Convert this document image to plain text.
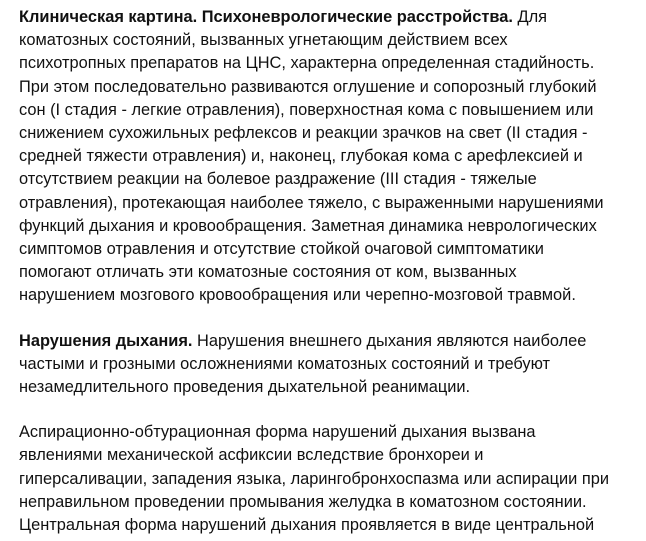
Клиническая картина. Психоневрологические расстройства. Для
коматозных состояний, вызванных угнетающим действием всех
психотропных препаратов на ЦНС, характерна определенная стадийность.
При этом последовательно развиваются оглушение и сопорозный глубокий
сон (I стадия - легкие отравления), поверхностная кома с повышением или
снижением сухожильных рефлексов и реакции зрачков на свет (II стадия -
средней тяжести отравления) и, наконец, глубокая кома с арефлексией и
отсутствием реакции на болевое раздражение (III стадия - тяжелые
отравления), протекающая наиболее тяжело, с выраженными нарушениями
функций дыхания и кровообращения. Заметная динамика неврологических
симптомов отравления и отсутствие стойкой очаговой симптоматики
помогают отличать эти коматозные состояния от ком, вызванных
нарушением мозгового кровообращения или черепно-мозговой травмой.

Нарушения дыхания. Нарушения внешнего дыхания являются наиболее
частыми и грозными осложнениями коматозных состояний и требуют
незамедлительного проведения дыхательной реанимации.

Аспирационно-обтурационная форма нарушений дыхания вызвана
явлениями механической асфиксии вследствие бронхореи и
гиперсаливации, западения языка, ларингобронхоспазма или аспирации при
неправильном проведении промывания желудка в коматозном состоянии.
Центральная форма нарушений дыхания проявляется в виде центральной
